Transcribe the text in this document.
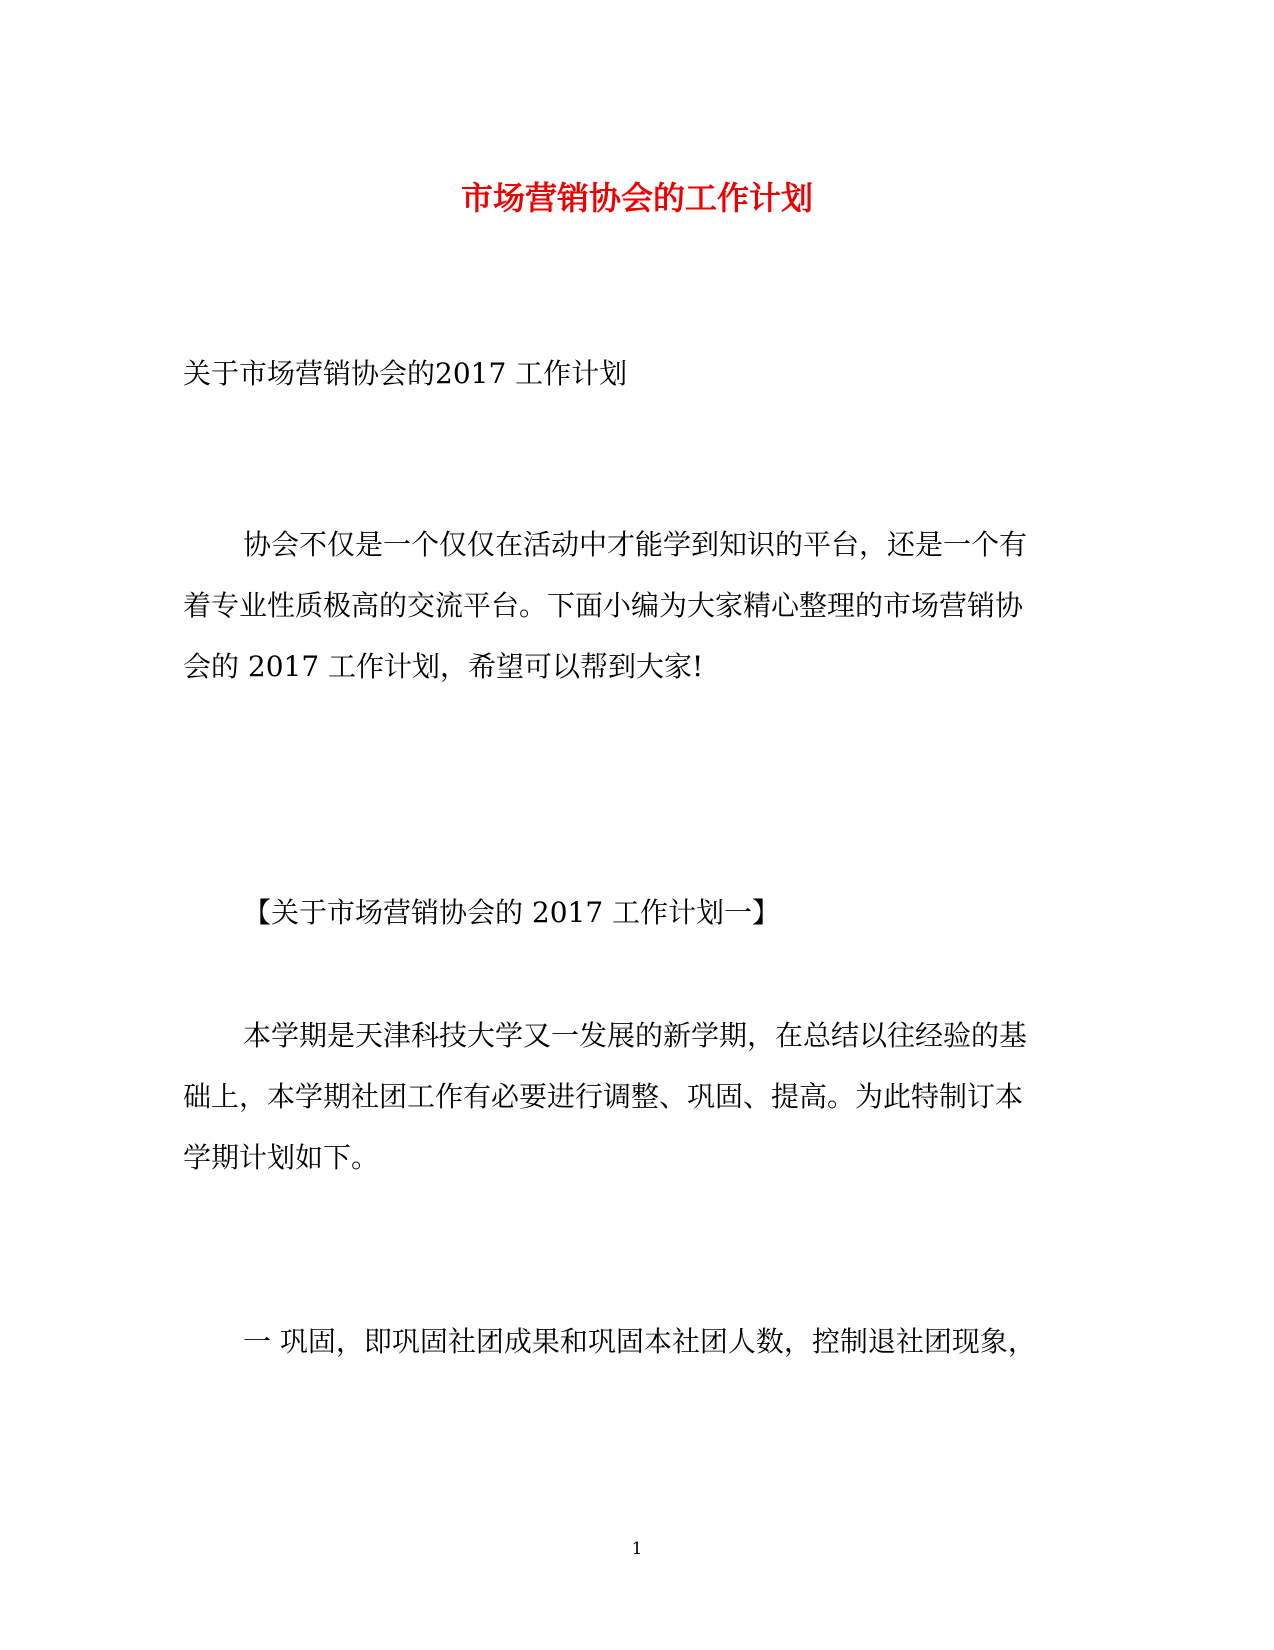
市场营销协会的工作计划
关于市场营销协会的2017 工作计划
协会不仅是一个仅仅在活动中才能学到知识的平台，还是一个有
着专业性质极高的交流平台。下面小编为大家精心整理的市场营销协
会的 2017 工作计划，希望可以帮到大家!
【关于市场营销协会的 2017 工作计划一】
本学期是天津科技大学又一发展的新学期，在总结以往经验的基
础上，本学期社团工作有必要进行调整、巩固、提高。为此特制订本
学期计划如下。
一 巩固，即巩固社团成果和巩固本社团人数，控制退社团现象，
1
